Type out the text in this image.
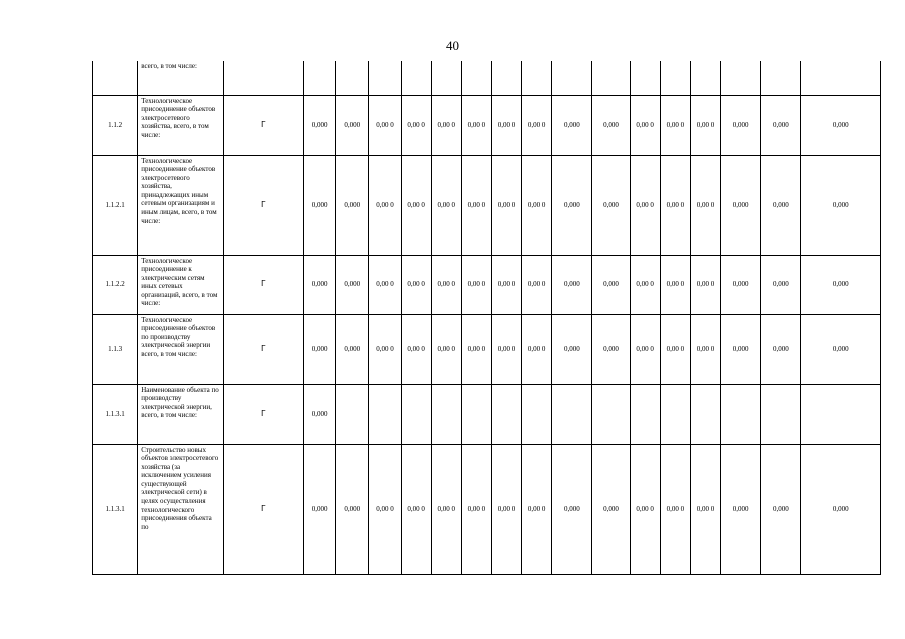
40
	всего, в том числе:																	
1.1.2	Технологическое присоединение объектов электросетевого хозяйства, всего, в том числе:	Г	0,000	0,000	0,00 0	0,00 0	0,00 0	0,00 0	0,00 0	0,00 0	0,000	0,000	0,00 0	0,00 0	0,00 0	0,000	0,000	0,000
1.1.2.1	Технологическое присоединение объектов электросетевого хозяйства, принадлежащих иным сетевым организациям и иным лицам, всего, в том числе:	Г	0,000	0,000	0,00 0	0,00 0	0,00 0	0,00 0	0,00 0	0,00 0	0,000	0,000	0,00 0	0,00 0	0,00 0	0,000	0,000	0,000
1.1.2.2	Технологическое присоединение к электрическим сетям иных сетевых организаций, всего, в том числе:	Г	0,000	0,000	0,00 0	0,00 0	0,00 0	0,00 0	0,00 0	0,00 0	0,000	0,000	0,00 0	0,00 0	0,00 0	0,000	0,000	0,000
1.1.3	Технологическое присоединение объектов по производству электрической энергии всего, в том числе:	Г	0,000	0,000	0,00 0	0,00 0	0,00 0	0,00 0	0,00 0	0,00 0	0,000	0,000	0,00 0	0,00 0	0,00 0	0,000	0,000	0,000
1.1.3.1	Наименование объекта по производству электрической энергии, всего, в том числе:	Г	0,000															
1.1.3.1	Строительство новых объектов электросетевого хозяйства (за исключением усиления существующей электрической сети) в целях осуществления технологического присоединения объекта по	Г	0,000	0,000	0,00 0	0,00 0	0,00 0	0,00 0	0,00 0	0,00 0	0,000	0,000	0,00 0	0,00 0	0,00 0	0,000	0,000	0,000
